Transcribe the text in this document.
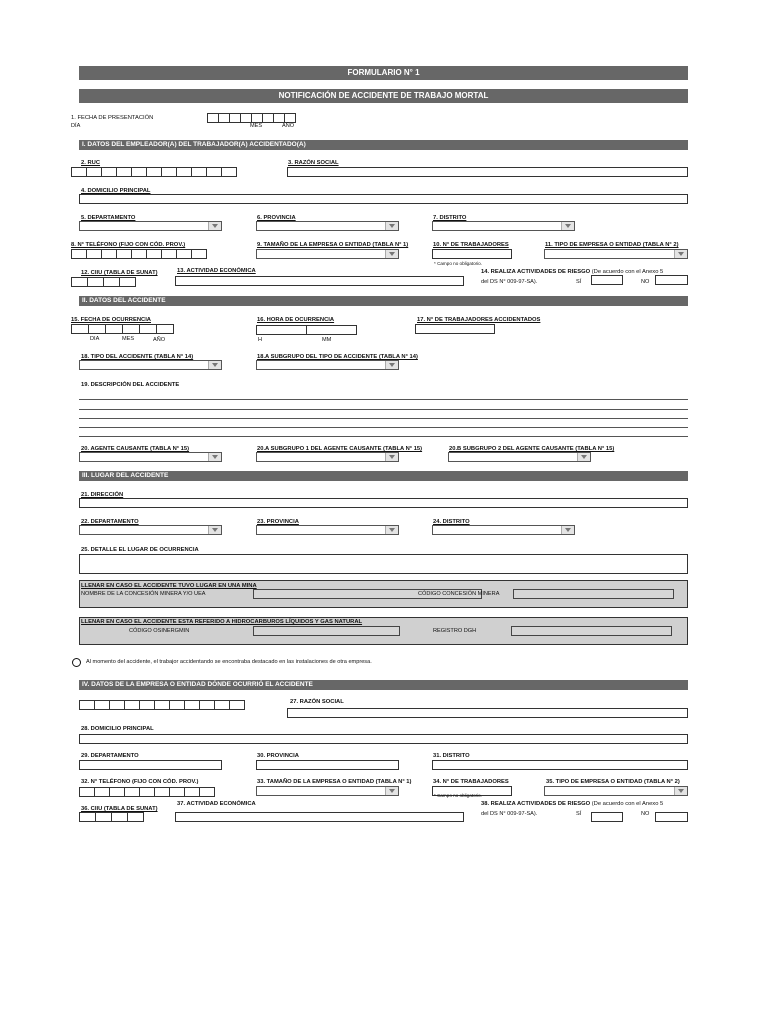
FORMULARIO N° 1
NOTIFICACIÓN DE ACCIDENTE DE TRABAJO MORTAL
1. FECHA DE PRESENTACIÓN
DÍA	MES	AÑO
I. DATOS DEL EMPLEADOR(A) DEL TRABAJADOR(A) ACCIDENTADO(A)
2. RUC	3. RAZÓN SOCIAL
4. DOMICILIO PRINCIPAL
5. DEPARTAMENTO	6. PROVINCIA	7. DISTRITO
8. N° TELÉFONO (FIJO CON CÓD. PROV.)	9. TAMAÑO DE LA EMPRESA O ENTIDAD (TABLA N° 1)	10. N° DE TRABAJADORES
* Campo no obligatorio.
11. TIPO DE EMPRESA O ENTIDAD (TABLA N° 2)
12. CIIU (TABLA DE SUNAT)	13. ACTIVIDAD ECONÓMICA	14. REALIZA ACTIVIDADES DE RIESGO (De acuerdo con el Anexo 5
del DS N° 009-97-SA).	SÍ	NO
II. DATOS DEL ACCIDENTE
15. FECHA DE OCURRENCIA
DIA	MES	AÑO
16. HORA DE OCURRENCIA
H	MM
17. N° DE TRABAJADORES ACCIDENTADOS
18. TIPO DEL ACCIDENTE (TABLA N° 14)	18.A SUBGRUPO DEL TIPO DE ACCIDENTE (TABLA N° 14)
19. DESCRIPCIÓN DEL ACCIDENTE
20. AGENTE CAUSANTE (TABLA N° 15)	20.A SUBGRUPO 1 DEL AGENTE CAUSANTE (TABLA N° 15)	20.B SUBGRUPO 2 DEL AGENTE CAUSANTE (TABLA N° 15)
III. LUGAR DEL ACCIDENTE
21. DIRECCIÓN
22. DEPARTAMENTO	23. PROVINCIA	24. DISTRITO
25. DETALLE EL LUGAR DE OCURRENCIA
LLENAR EN CASO EL ACCIDENTE TUVO LUGAR EN UNA MINA
NOMBRE DE LA CONCESIÓN MINERA Y/O UEA	CÓDIGO CONCESIÓN MINERA
LLENAR EN CASO EL ACCIDENTE ESTA REFERIDO A HIDROCARBUROS LÍQUIDOS Y GAS NATURAL
CÓDIGO OSINERGMIN	REGISTRO DGH
Al momento del accidente, el trabajor accidentando se encontraba destacado en las instalaciones de otra empresa.
IV. DATOS DE LA EMPRESA O ENTIDAD DÓNDE OCURRIÓ EL ACCIDENTE
27. RAZÓN SOCIAL
28. DOMICILIO PRINCIPAL
29. DEPARTAMENTO	30. PROVINCIA	31. DISTRITO
32. N° TELÉFONO (FIJO CON CÓD. PROV.)	33. TAMAÑO DE LA EMPRESA O ENTIDAD (TABLA N° 1)	34. N° DE TRABAJADORES
* Campo no obligatorio.
35. TIPO DE EMPRESA O ENTIDAD (TABLA N° 2)
37. ACTIVIDAD ECONÓMICA
36. CIIU (TABLA DE SUNAT)
38. REALIZA ACTIVIDADES DE RIESGO (De acuerdo con el Anexo 5
del DS N° 009-97-SA).	SÍ	NO
